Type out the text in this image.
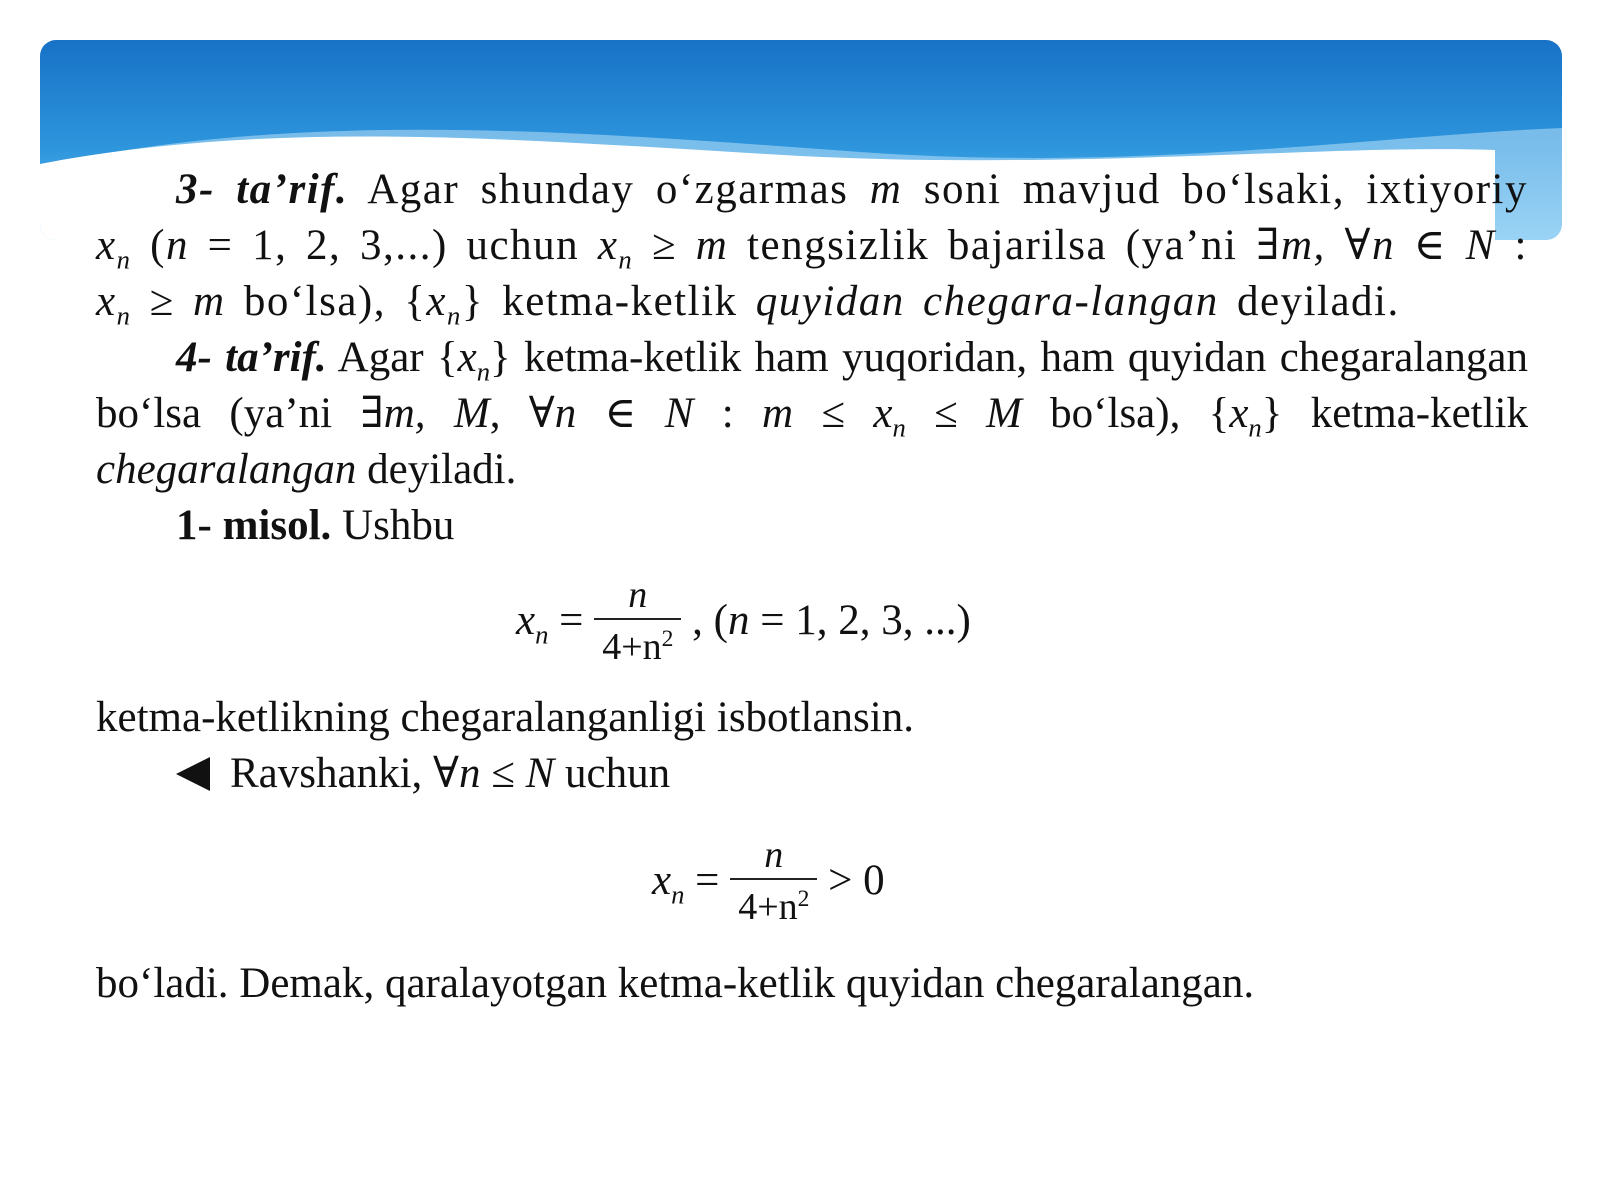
3- ta’rif. Agar shunday o‘zgarmas m soni mavjud bo‘lsaki, ixtiyoriy $x_n$ (n = 1, 2, 3,...) uchun $x_n \ge m$ tengsizlik bajarilsa (ya’ni ∃m, ∀n ∈ N : $x_n \ge m$ bo‘lsa), $\{x_n\}$ ketma-ketlik quyidan chegara-langan deyiladi.

4- ta’rif. Agar $\{x_n\}$ ketma-ketlik ham yuqoridan, ham quyidan chegaralangan bo‘lsa (ya’ni ∃m, M, ∀n ∈ N : $m \le x_n \le M$ bo‘lsa), $\{x_n\}$ ketma-ketlik chegaralangan deyiladi.

1- misol. Ushbu

$x_n = \frac{n}{4+n^2}$ , (n = 1, 2, 3, ...)

ketma-ketlikning chegaralanganligi isbotlansin.

Ravshanki, ∀n ≤ N uchun

$x_n = \frac{n}{4+n^2} > 0$

bo‘ladi. Demak, qaralayotgan ketma-ketlik quyidan chegaralangan.
